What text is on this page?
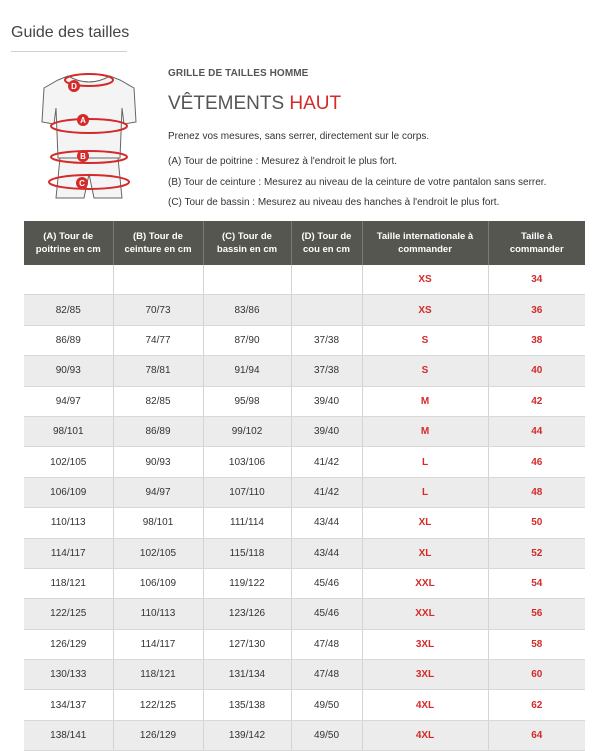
Guide des tailles
D
A
B
C
GRILLE DE TAILLES HOMME
VÊTEMENTS HAUT
Prenez vos mesures, sans serrer, directement sur le corps.
(A) Tour de poitrine : Mesurez à l'endroit le plus fort.
(B) Tour de ceinture : Mesurez au niveau de la ceinture de votre pantalon sans serrer.
(C) Tour de bassin : Mesurez au niveau des hanches à l'endroit le plus fort.
(A) Tour de
poitrine en cm	(B) Tour de
ceinture en cm	(C) Tour de
bassin en cm	(D) Tour de
cou en cm	Taille internationale à
commander	Taille à
commander
				XS	34
82/85	70/73	83/86		XS	36
86/89	74/77	87/90	37/38	S	38
90/93	78/81	91/94	37/38	S	40
94/97	82/85	95/98	39/40	M	42
98/101	86/89	99/102	39/40	M	44
102/105	90/93	103/106	41/42	L	46
106/109	94/97	107/110	41/42	L	48
110/113	98/101	111/114	43/44	XL	50
114/117	102/105	115/118	43/44	XL	52
118/121	106/109	119/122	45/46	XXL	54
122/125	110/113	123/126	45/46	XXL	56
126/129	114/117	127/130	47/48	3XL	58
130/133	118/121	131/134	47/48	3XL	60
134/137	122/125	135/138	49/50	4XL	62
138/141	126/129	139/142	49/50	4XL	64
